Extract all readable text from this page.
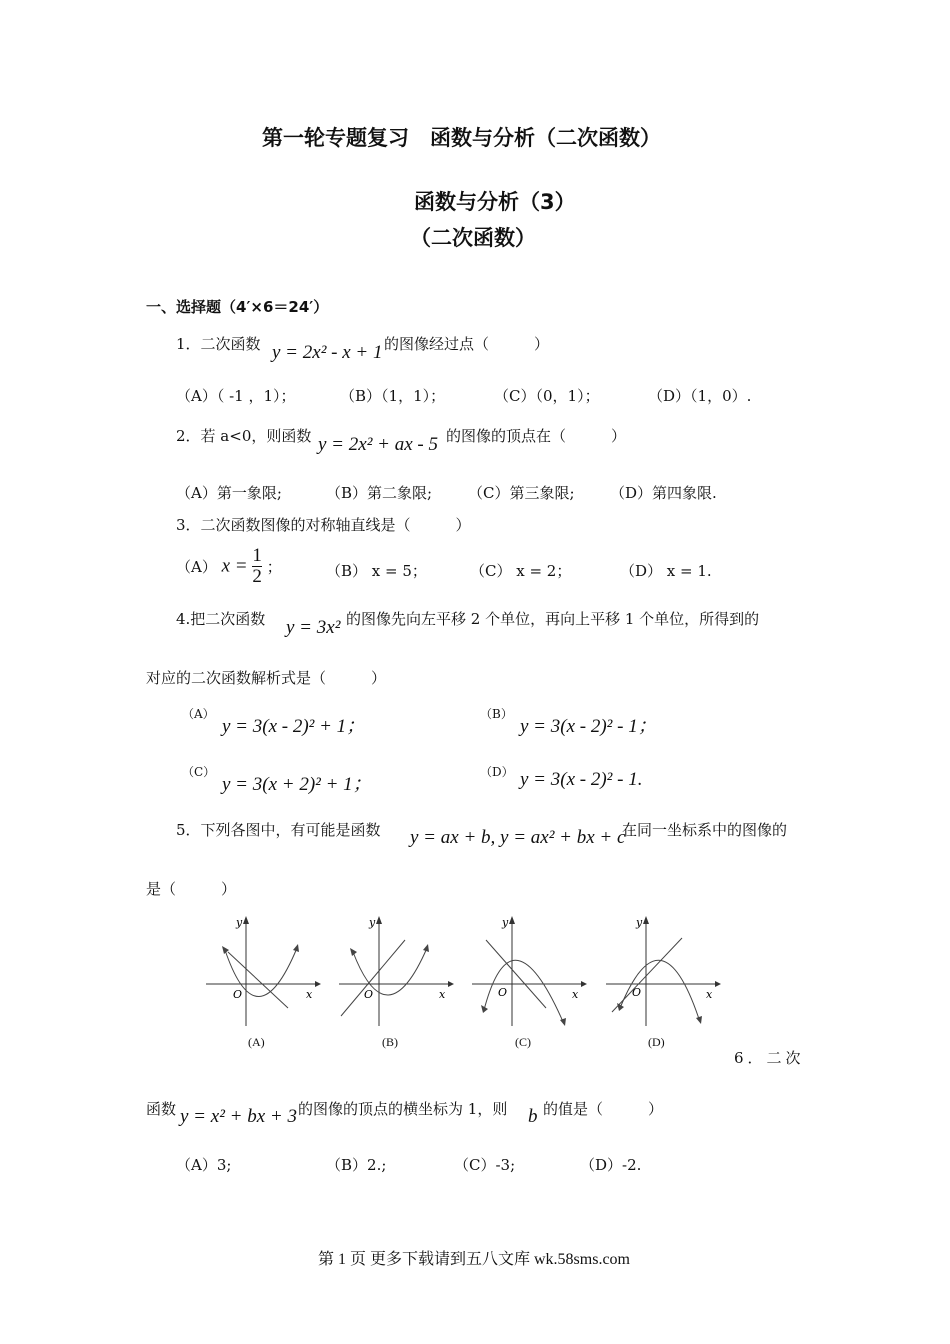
第一轮专题复习　函数与分析（二次函数）
函数与分析（3）
（二次函数）
一、选择题（4′×6＝24′）
1．二次函数 y = 2x² - x + 1 的图像经过点（　　　）
（A）（ -1 ，1）；	（B）（1，1）；	（C）（0，1）；	（D）（1，0）.
2．若 a<0，则函数 y = 2x² + ax - 5 的图像的顶点在（　　　）
（A）第一象限;	（B）第二象限; （C）第三象限; （D）第四象限.
3．二次函数图像的对称轴直线是（　　　）
（A） $x = \frac{1}{2}$ ；	（B） x = 5；	（C） x = 2；	（D） x = 1.
4.把二次函数 y = 3x² 的图像先向左平移 2 个单位，再向上平移 1 个单位，所得到的
对应的二次函数解析式是（　　　）
（A）
y = 3(x - 2)² + 1；
（B）
y = 3(x - 2)² - 1；
（C）
y = 3(x + 2)² + 1；
（D） y = 3(x - 2)² - 1.
5．下列各图中，有可能是函数 y = ax + b, y = ax² + bx + c
在同一坐标系中的图像的
是（　　　）
y
x
O
(A)
y
x
O
(B)
y
x
O
(C)
y
x
O
(D)
6．二次
函数 y = x² + bx + 3 的图像的顶点的横坐标为 1，则 b 的值是（　　　）
（A）3;	（B）2.;	（C）-3;	（D）-2.
第 1 页 更多下载请到五八文库 wk.58sms.com
